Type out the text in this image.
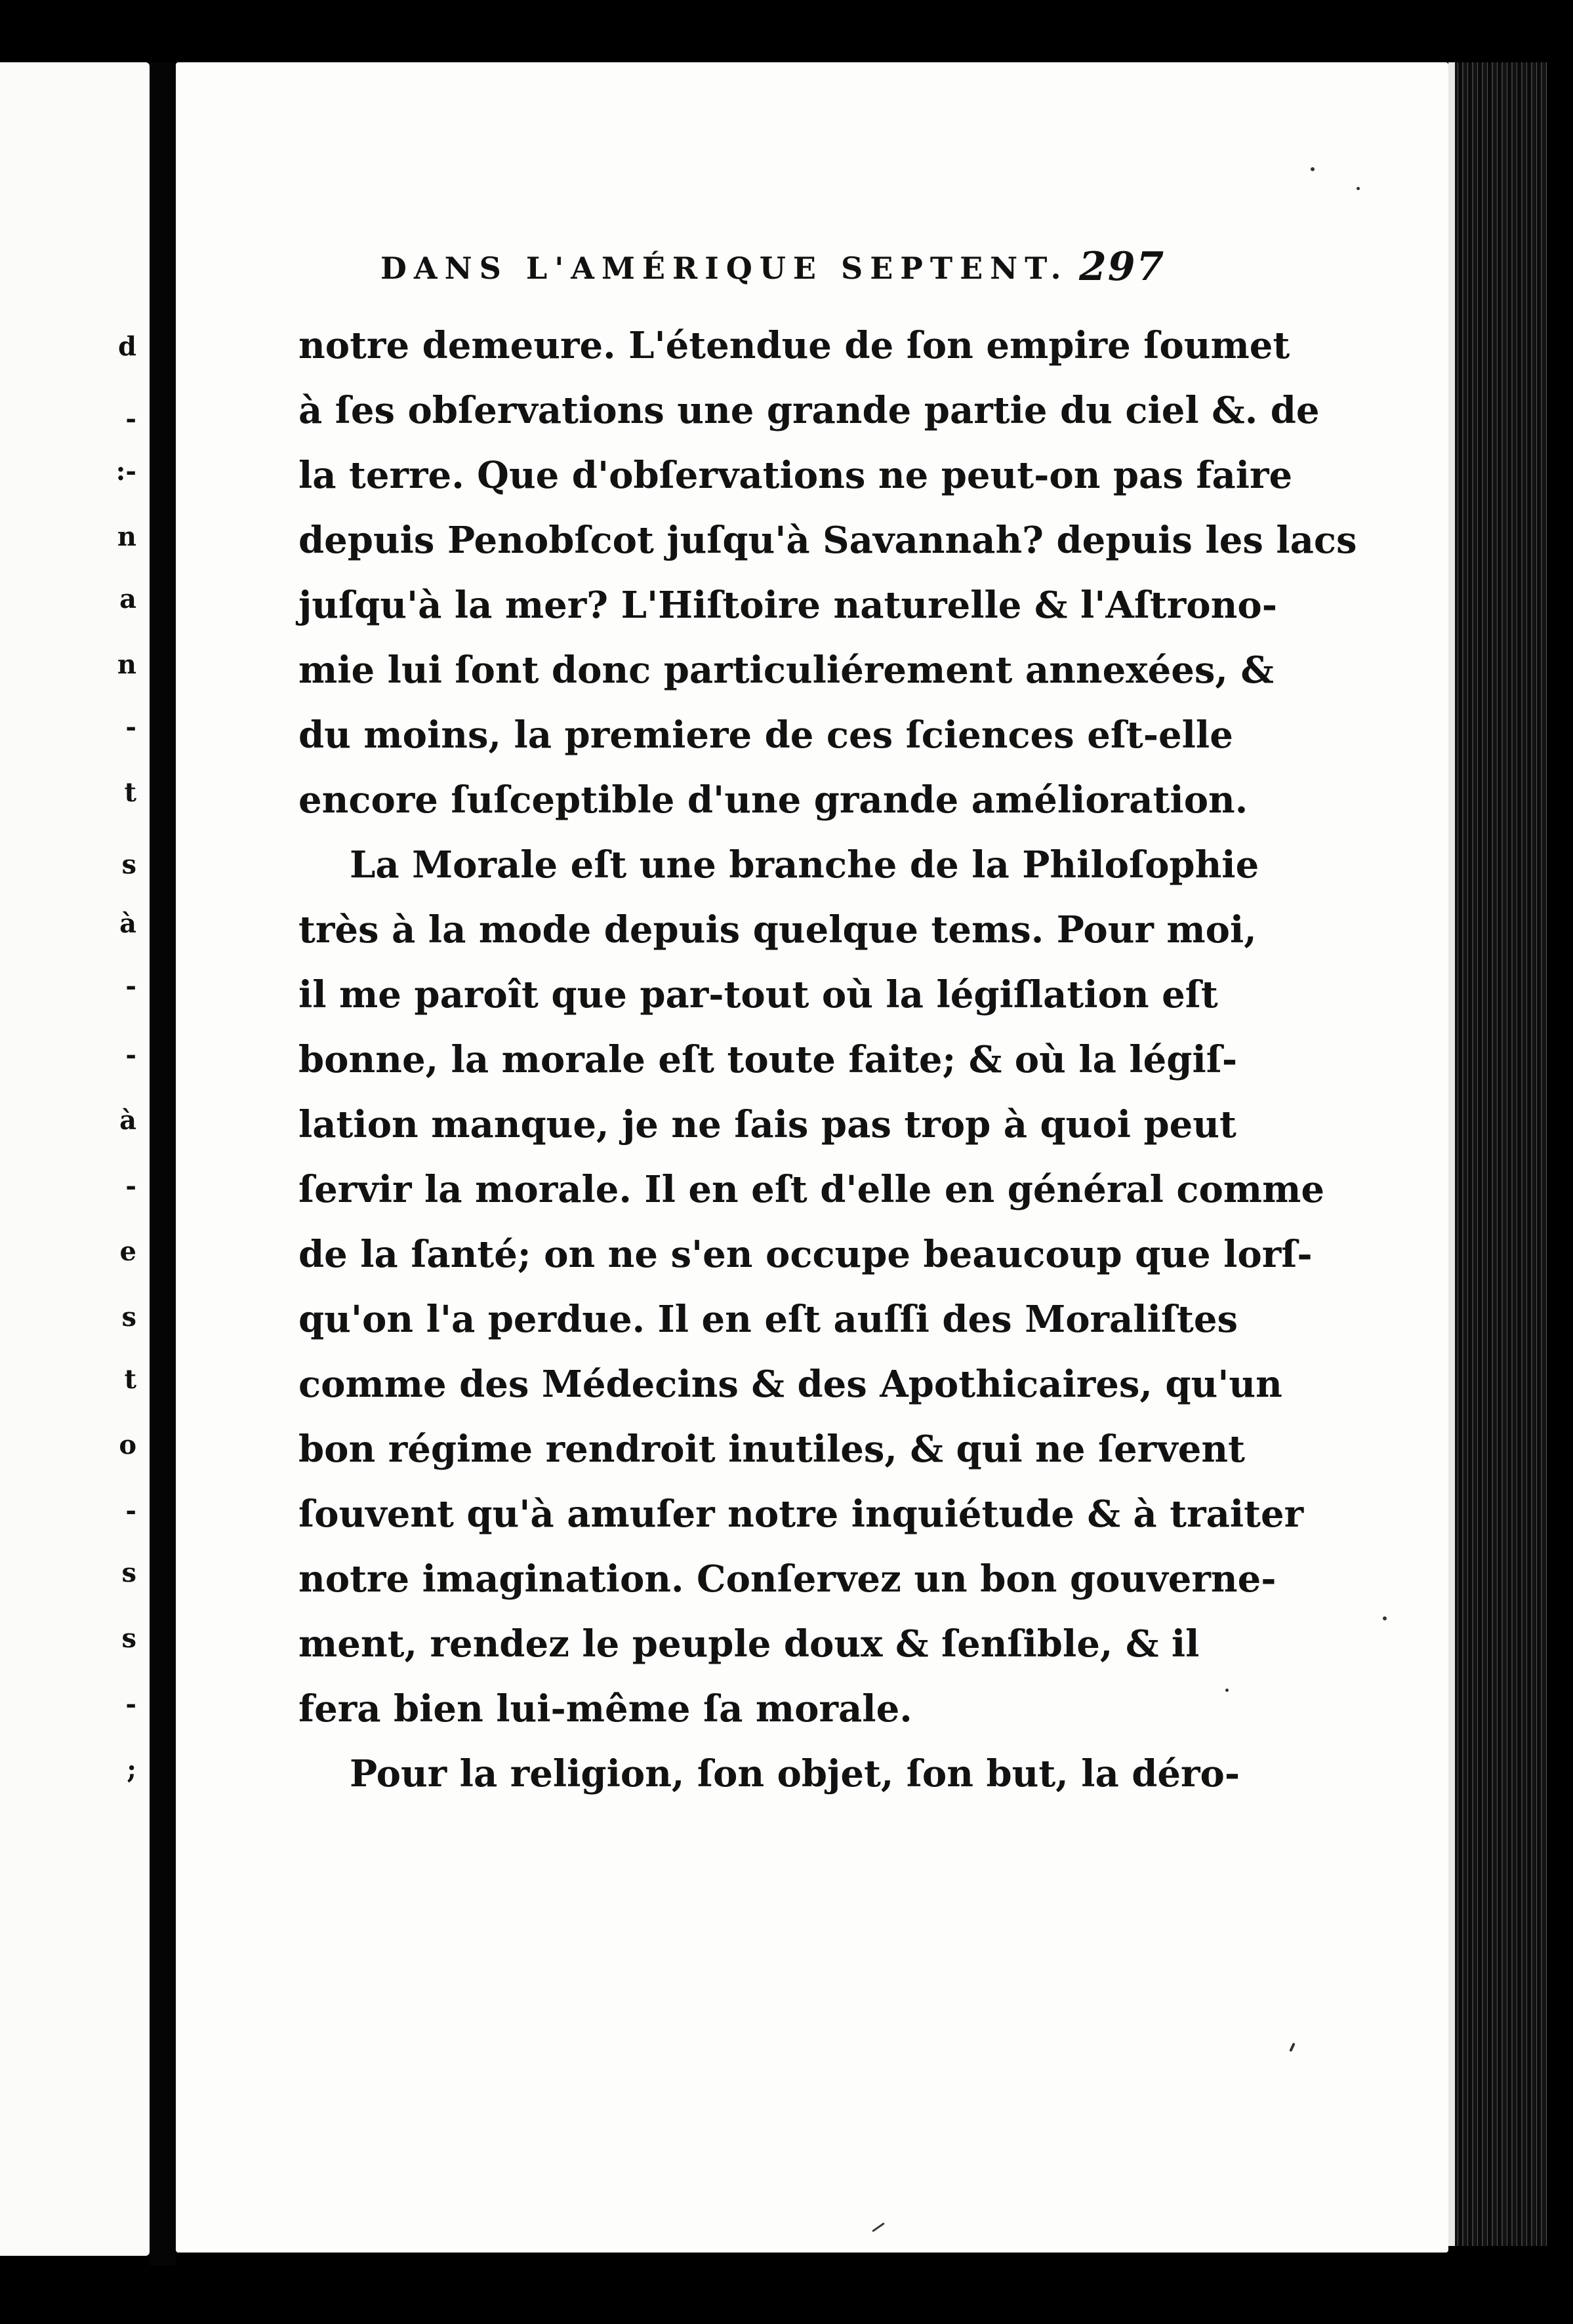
d
-
:-
n
a
n
-
t
s
à
-
-
à
-
e
s
t
o
-
s
s
-
;
DANS L'AMÉRIQUE SEPTENT. 297
notre demeure. L'étendue de ſon empire ſoumet
à ſes obſervations une grande partie du ciel &. de
la terre. Que d'obſervations ne peut-on pas faire
depuis Penobſcot juſqu'à Savannah? depuis les lacs
juſqu'à la mer? L'Hiſtoire naturelle & l'Aſtrono-
mie lui ſont donc particuliérement annexées, &
du moins, la premiere de ces ſciences eſt-elle
encore ſuſceptible d'une grande amélioration.
La Morale eſt une branche de la Philoſophie
très à la mode depuis quelque tems. Pour moi,
il me paroît que par-tout où la légiſlation eſt
bonne, la morale eſt toute faite; & où la légiſ-
lation manque, je ne ſais pas trop à quoi peut
ſervir la morale. Il en eſt d'elle en général comme
de la ſanté; on ne s'en occupe beaucoup que lorſ-
qu'on l'a perdue. Il en eſt auſſi des Moraliſtes
comme des Médecins & des Apothicaires, qu'un
bon régime rendroit inutiles, & qui ne ſervent
ſouvent qu'à amuſer notre inquiétude & à traiter
notre imagination. Conſervez un bon gouverne-
ment, rendez le peuple doux & ſenſible, & il
fera bien lui-même ſa morale.
Pour la religion, ſon objet, ſon but, la déro-
